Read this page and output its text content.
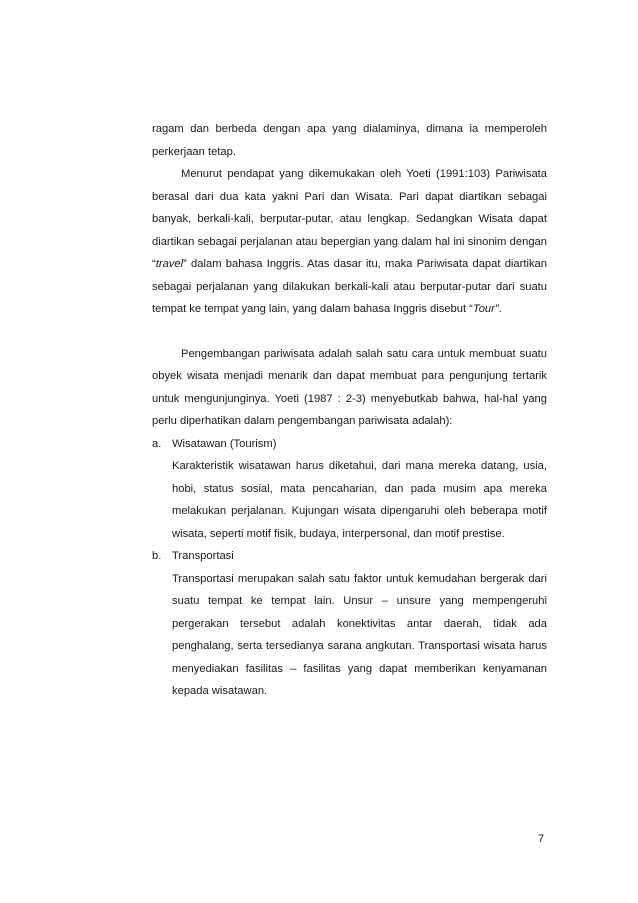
ragam dan berbeda dengan apa yang dialaminya, dimana ia memperoleh perkerjaan tetap.

Menurut pendapat yang dikemukakan oleh Yoeti (1991:103) Pariwisata berasal dari dua kata yakni Pari dan Wisata. Pari dapat diartikan sebagai banyak, berkali-kali, berputar-putar, atau lengkap. Sedangkan Wisata dapat diartikan sebagai perjalanan atau bepergian yang dalam hal ini sinonim dengan “travel” dalam bahasa Inggris. Atas dasar itu, maka Pariwisata dapat diartikan sebagai perjalanan yang dilakukan berkali-kali atau berputar-putar dari suatu tempat ke tempat yang lain, yang dalam bahasa Inggris disebut “Tour”.

Pengembangan pariwisata adalah salah satu cara untuk membuat suatu obyek wisata menjadi menarik dan dapat membuat para pengunjung tertarik untuk mengunjunginya. Yoeti (1987 : 2-3) menyebutkab bahwa, hal-hal yang perlu diperhatikan dalam pengembangan pariwisata adalah):

a. Wisatawan (Tourism)
Karakteristik wisatawan harus diketahui, dari mana mereka datang, usia, hobi, status sosial, mata pencaharian, dan pada musim apa mereka melakukan perjalanan. Kujungan wisata dipengaruhi oleh beberapa motif wisata, seperti motif fisik, budaya, interpersonal, dan motif prestise.
b. Transportasi
Transportasi merupakan salah satu faktor untuk kemudahan bergerak dari suatu tempat ke tempat lain. Unsur – unsure yang mempengeruhi pergerakan tersebut adalah konektivitas antar daerah, tidak ada penghalang, serta tersedianya sarana angkutan. Transportasi wisata harus menyediakan fasilitas – fasilitas yang dapat memberikan kenyamanan kepada wisatawan.
7
